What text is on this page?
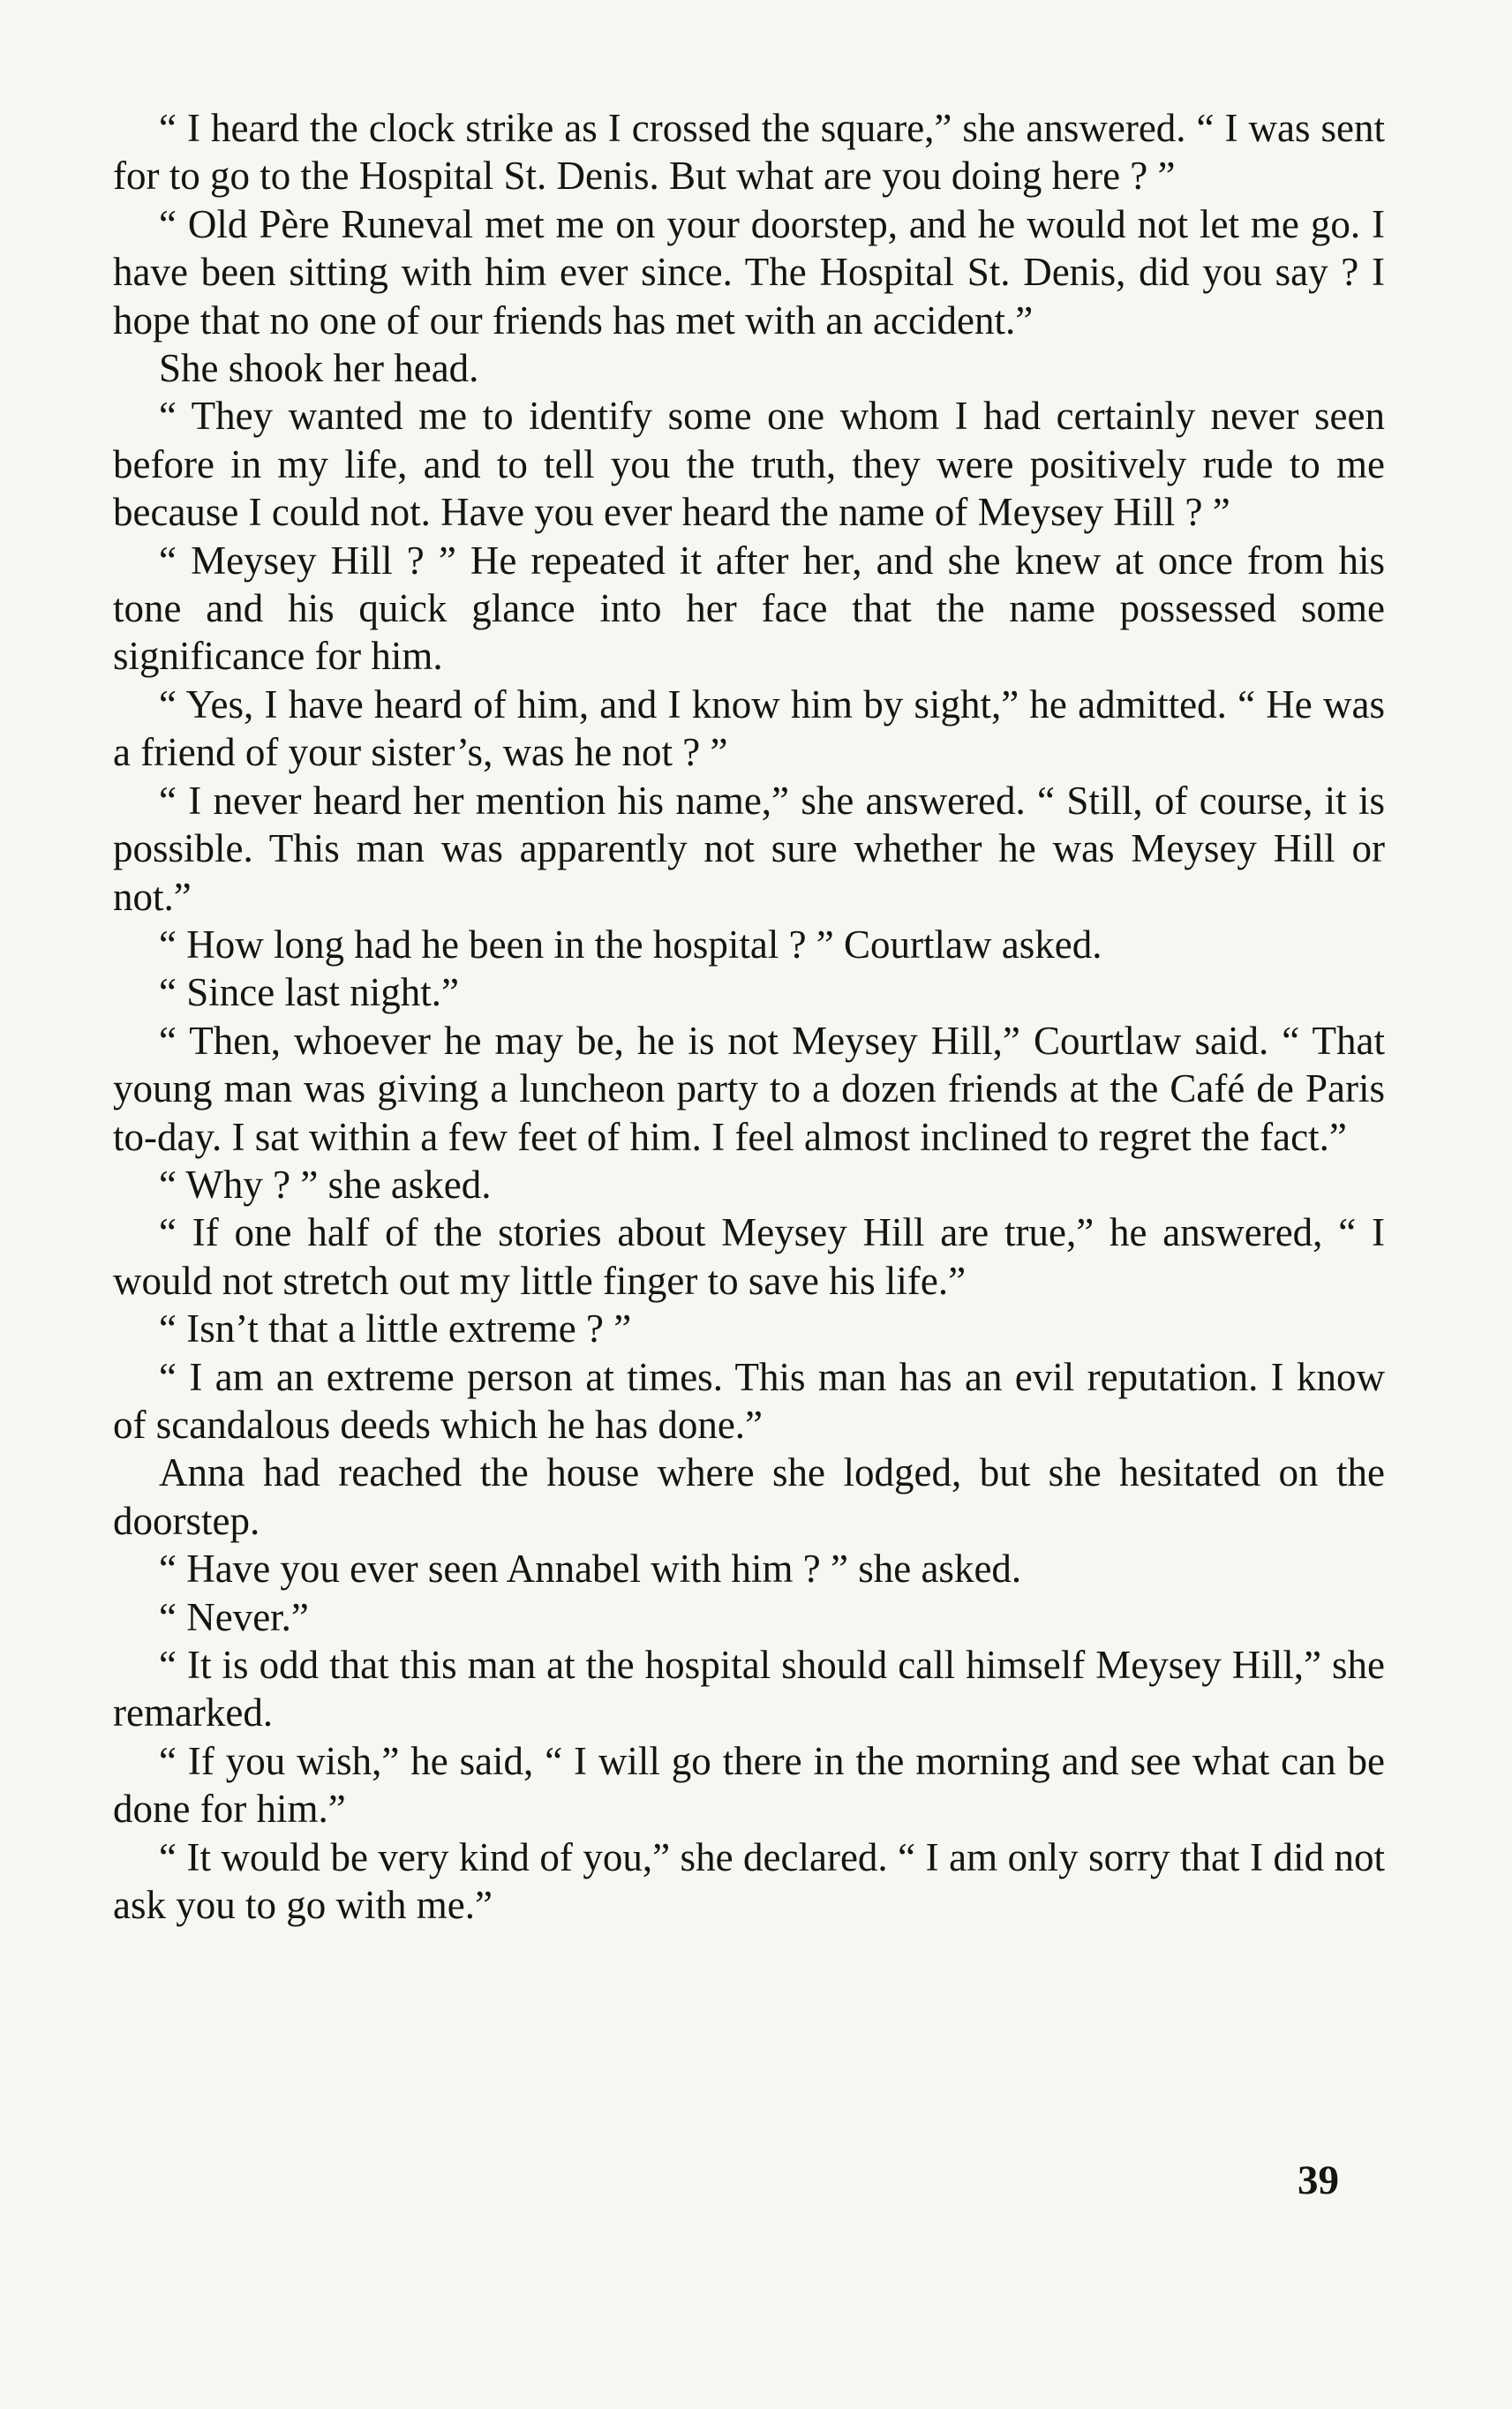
“ I heard the clock strike as I crossed the square,” she answered. “ I was sent for to go to the Hospital St. Denis. But what are you doing here ? ”

“ Old Père Runeval met me on your doorstep, and he would not let me go. I have been sitting with him ever since. The Hospital St. Denis, did you say ? I hope that no one of our friends has met with an accident.”

She shook her head.

“ They wanted me to identify some one whom I had certainly never seen before in my life, and to tell you the truth, they were positively rude to me because I could not. Have you ever heard the name of Meysey Hill ? ”

“ Meysey Hill ? ” He repeated it after her, and she knew at once from his tone and his quick glance into her face that the name possessed some significance for him.

“ Yes, I have heard of him, and I know him by sight,” he admitted. “ He was a friend of your sister’s, was he not ? ”

“ I never heard her mention his name,” she answered. “ Still, of course, it is possible. This man was apparently not sure whether he was Meysey Hill or not.”

“ How long had he been in the hospital ? ” Courtlaw asked.

“ Since last night.”

“ Then, whoever he may be, he is not Meysey Hill,” Courtlaw said. “ That young man was giving a luncheon party to a dozen friends at the Café de Paris to-day. I sat within a few feet of him. I feel almost inclined to regret the fact.”

“ Why ? ” she asked.

“ If one half of the stories about Meysey Hill are true,” he answered, “ I would not stretch out my little finger to save his life.”

“ Isn’t that a little extreme ? ”

“ I am an extreme person at times. This man has an evil reputation. I know of scandalous deeds which he has done.”

Anna had reached the house where she lodged, but she hesitated on the doorstep.

“ Have you ever seen Annabel with him ? ” she asked.

“ Never.”

“ It is odd that this man at the hospital should call himself Meysey Hill,” she remarked.

“ If you wish,” he said, “ I will go there in the morning and see what can be done for him.”

“ It would be very kind of you,” she declared. “ I am only sorry that I did not ask you to go with me.”

39
